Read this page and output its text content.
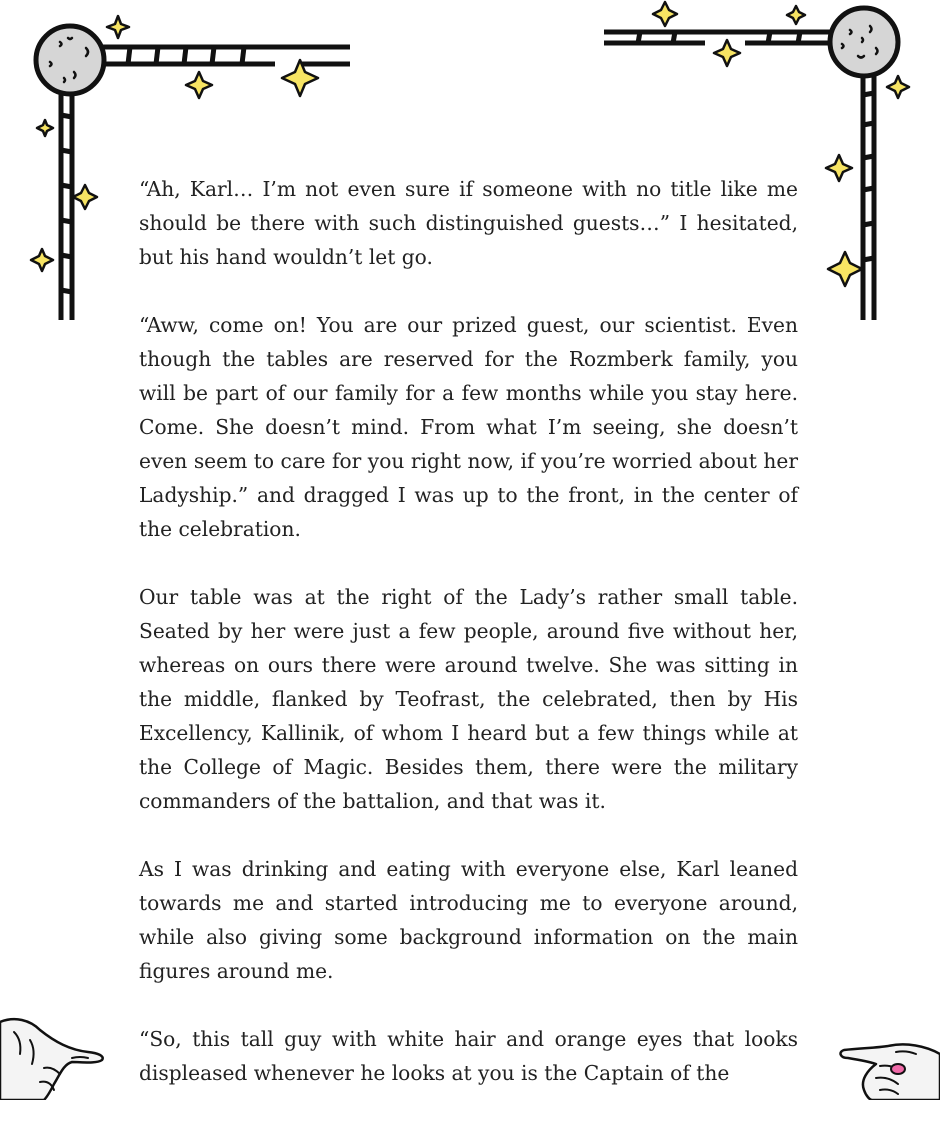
“Ah, Karl… I’m not even sure if someone with no title like me should be there with such distinguished guests…” I hesitated, but his hand wouldn’t let go.

“Aww, come on! You are our prized guest, our scientist. Even though the tables are reserved for the Rozmberk family, you will be part of our family for a few months while you stay here. Come. She doesn’t mind. From what I’m seeing, she doesn’t even seem to care for you right now, if you’re worried about her Ladyship.” and dragged I was up to the front, in the center of the celebration.

Our table was at the right of the Lady’s rather small table. Seated by her were just a few people, around five without her, whereas on ours there were around twelve. She was sitting in the middle, flanked by Teofrast, the celebrated, then by His Excellency, Kallinik, of whom I heard but a few things while at the College of Magic. Besides them, there were the military commanders of the battalion, and that was it.

As I was drinking and eating with everyone else, Karl leaned towards me and started introducing me to everyone around, while also giving some background information on the main figures around me.

“So, this tall guy with white hair and orange eyes that looks displeased whenever he looks at you is the Captain of the
